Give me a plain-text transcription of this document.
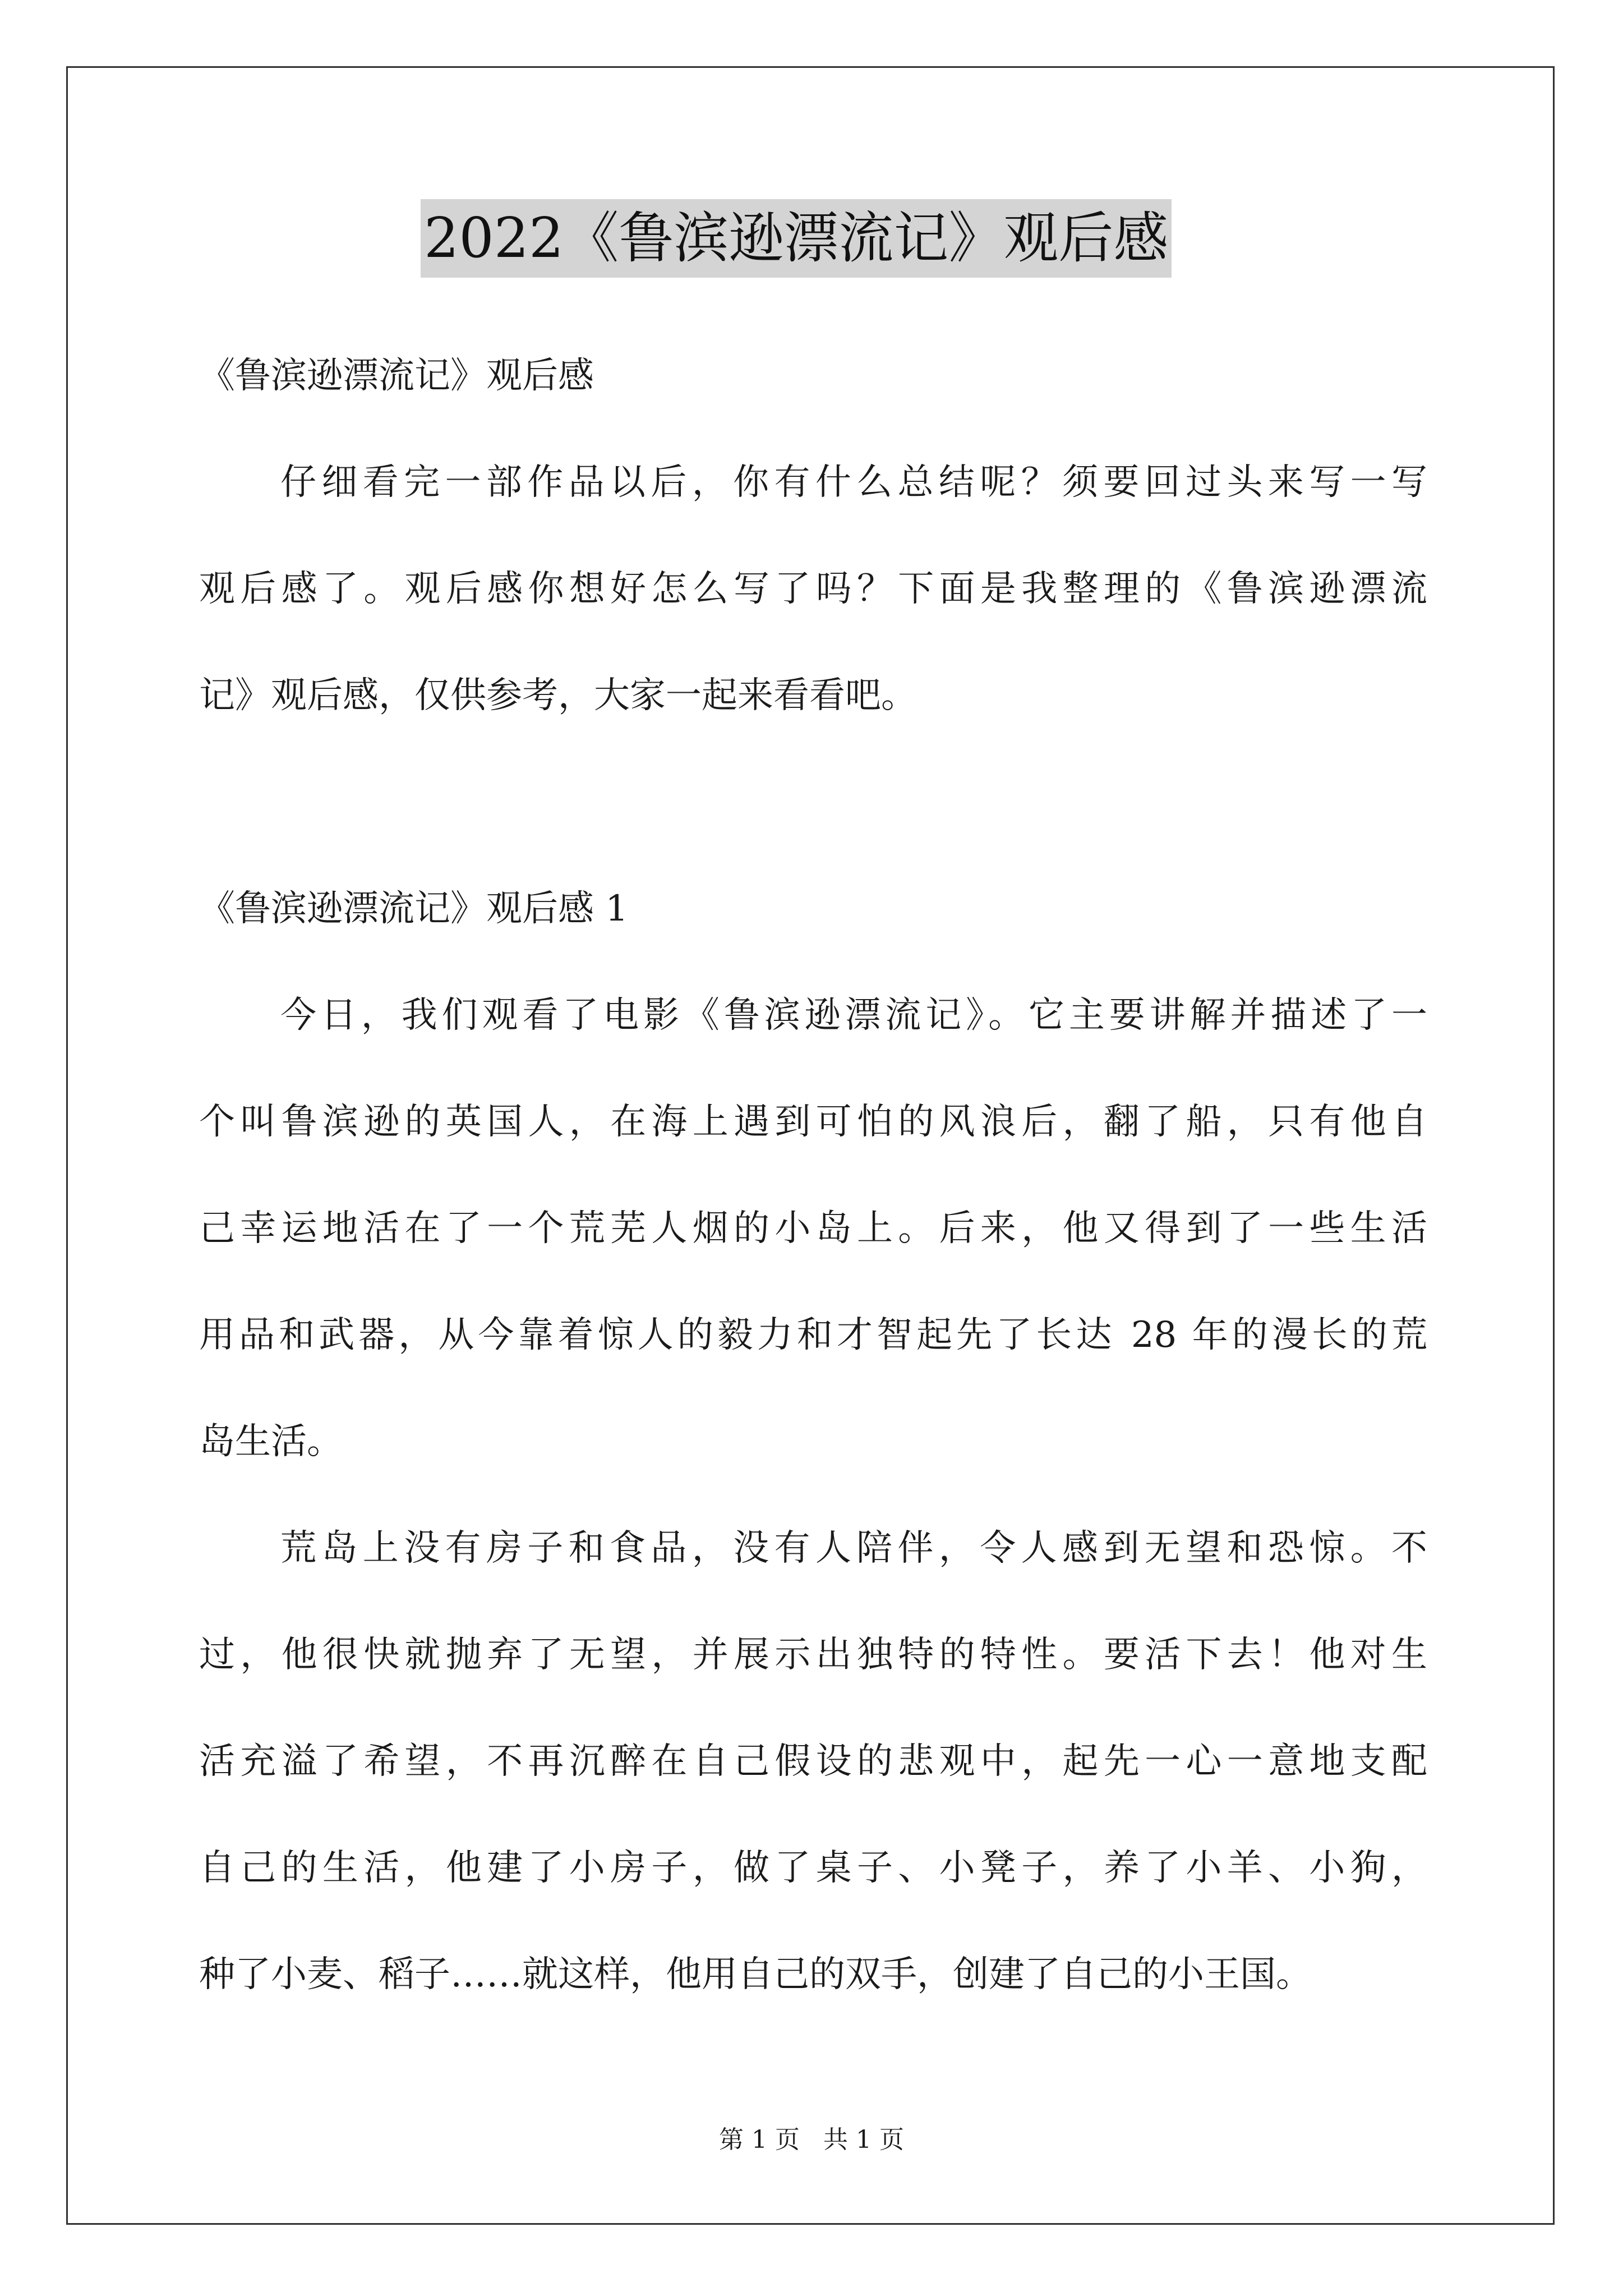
2022《鲁滨逊漂流记》观后感
《鲁滨逊漂流记》观后感
仔细看完一部作品以后，你有什么总结呢？须要回过头来写一写
观后感了。观后感你想好怎么写了吗？下面是我整理的《鲁滨逊漂流
记》观后感，仅供参考，大家一起来看看吧。
《鲁滨逊漂流记》观后感 1
今日，我们观看了电影《鲁滨逊漂流记》。它主要讲解并描述了一
个叫鲁滨逊的英国人，在海上遇到可怕的风浪后，翻了船，只有他自
己幸运地活在了一个荒芜人烟的小岛上。后来，他又得到了一些生活
用品和武器，从今靠着惊人的毅力和才智起先了长达 28 年的漫长的荒
岛生活。
荒岛上没有房子和食品，没有人陪伴，令人感到无望和恐惊。不
过，他很快就抛弃了无望，并展示出独特的特性。要活下去！他对生
活充溢了希望，不再沉醉在自己假设的悲观中，起先一心一意地支配
自己的生活，他建了小房子，做了桌子、小凳子，养了小羊、小狗，
种了小麦、稻子……就这样，他用自己的双手，创建了自己的小王国。
第 1 页   共 1 页
